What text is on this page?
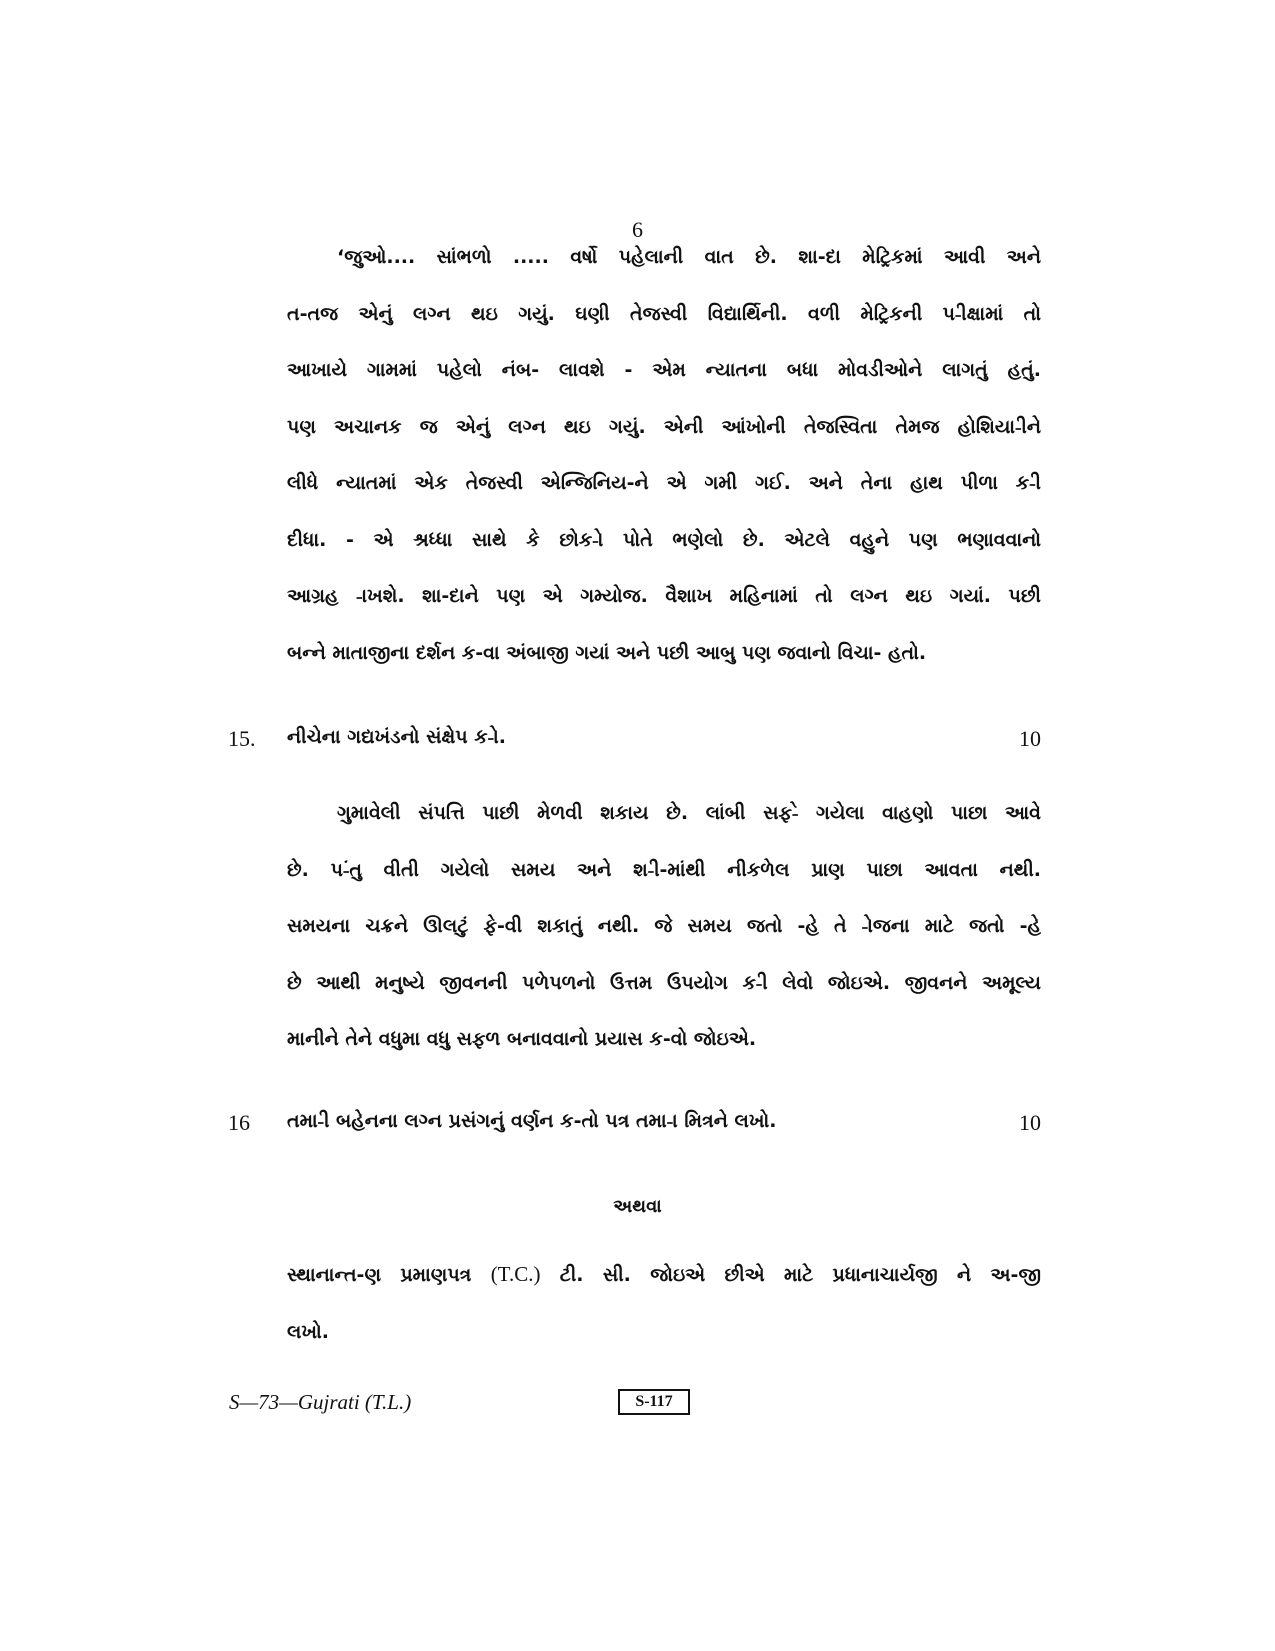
6
‘જુઓ.... સાંભળો ..... વર્ષો પહેલાની વાત છે. શા-દા મેટ્રિકમાં આવી અને
ત-તજ એનું લગ્ન થઇ ગયું. ઘણી તેજસ્વી વિદ્યાર્થિની. વળી મેટ્રિકની પ-ીક્ષામાં તો
આખાયે ગામમાં પહેલો નંબ- લાવશે - એમ ન્યાતના બધા મોવડીઓને લાગતું હતું.
પણ અચાનક જ એનું લગ્ન થઇ ગયું. એની આંખોની તેજસ્વિતા તેમજ હોશિયા-ીને
લીધે ન્યાતમાં એક તેજસ્વી એન્જિનિય-ને એ ગમી ગઈ. અને તેના હાથ પીળા ક-ી
દીધા. - એ શ્રધ્ધા સાથે કે છોક-ો પોતે ભણેલો છે. એટલે વહુને પણ ભણાવવાનો
આગ્રહ -ાખશે. શા-દાને પણ એ ગમ્યોજ. વૈશાખ મહિનામાં તો લગ્ન થઇ ગયાં. પછી
બન્ને માતાજીના દર્શન ક-વા અંબાજી ગયાં અને પછી આબુ પણ જવાનો વિચા- હતો.
15. નીચેના ગદ્યખંડનો સંક્ષેપ ક-ો.	10
ગુમાવેલી સંપત્તિ પાછી મેળવી શકાય છે. લાંબી સફ-ે ગયેલા વાહણો પાછા આવે
છે. પ-ંતુ વીતી ગયેલો સમય અને શ-ી-માંથી નીકળેલ પ્રાણ પાછા આવતા નથી.
સમયના ચક્રને ઊલટું ફે-વી શકાતું નથી. જે સમય જતો -હે તે -ોજના માટે જતો -હે
છે આથી મનુષ્યે જીવનની પળેપળનો ઉત્તમ ઉપયોગ ક-ી લેવો જોઇએ. જીવનને અમૂલ્ય
માનીને તેને વધુમા વધુ સફળ બનાવવાનો પ્રયાસ ક-વો જોઇએ.
16 તમા-ી બહેનના લગ્ન પ્રસંગનું વર્ણન ક-તો પત્ર તમા-ા મિત્રને લખો.	10
અથવા
સ્થાનાન્ત-ણ પ્રમાણપત્ર (T.C.) ટી. સી. જોઇએ છીએ માટે પ્રધાનાચાર્યજી ને અ-જી
લખો.
S—73—Gujrati (T.L.)	S-117
